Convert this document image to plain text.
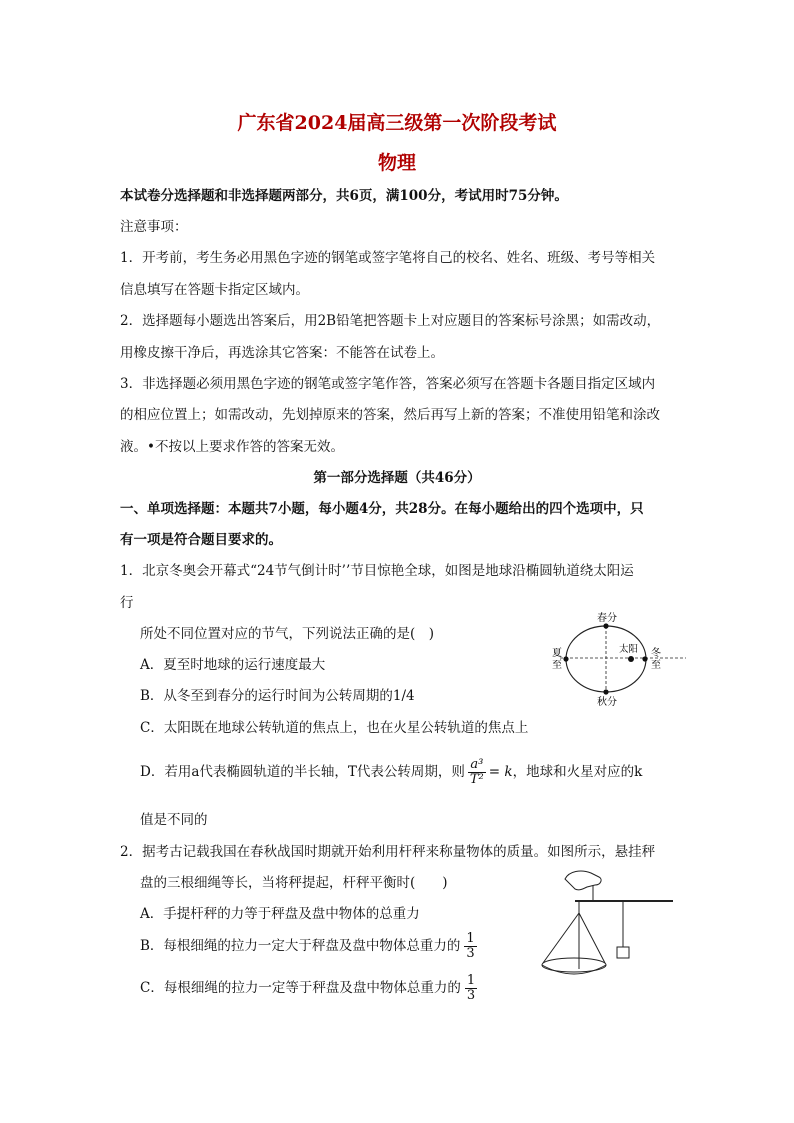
广东省2024届高三级第一次阶段考试
物理
本试卷分选择题和非选择题两部分，共6页，满100分，考试用时75分钟。
注意事项：
1．开考前，考生务必用黑色字迹的钢笔或签字笔将自己的校名、姓名、班级、考号等相关
信息填写在答题卡指定区域内。
2．选择题每小题选出答案后，用2B铅笔把答题卡上对应题目的答案标号涂黑；如需改动，
用橡皮擦干净后，再选涂其它答案：不能答在试卷上。
3．非选择题必须用黑色字迹的钢笔或签字笔作答，答案必须写在答题卡各题目指定区域内
的相应位置上；如需改动，先划掉原来的答案，然后再写上新的答案；不准使用铅笔和涂改
液。•不按以上要求作答的答案无效。
第一部分选择题（共46分）
一、单项选择题：本题共7小题，每小题4分，共28分。在每小题给出的四个选项中，只
有一项是符合题目要求的。
1．北京冬奥会开幕式“24节气倒计时’’节目惊艳全球，如图是地球沿椭圆轨道绕太阳运
行
所处不同位置对应的节气，下列说法正确的是(　)
A．夏至时地球的运行速度最大
B．从冬至到春分的运行时间为公转周期的1/4
C．太阳既在地球公转轨道的焦点上，也在火星公转轨道的焦点上
D．若用a代表椭圆轨道的半长轴，T代表公转周期，则 $\frac{\text{a³}}{\text{T²}} = k$，地球和火星对应的k
值是不同的
春分
秋分
夏
至
冬
至
太阳
2．据考古记载我国在春秋战国时期就开始利用杆秤来称量物体的质量。如图所示，悬挂秤
盘的三根细绳等长，当将秤提起，杆秤平衡时(　　)
A．手提杆秤的力等于秤盘及盘中物体的总重力
B．每根细绳的拉力一定大于秤盘及盘中物体总重力的 $\frac{1}{3}$
C．每根细绳的拉力一定等于秤盘及盘中物体总重力的 $\frac{1}{3}$
